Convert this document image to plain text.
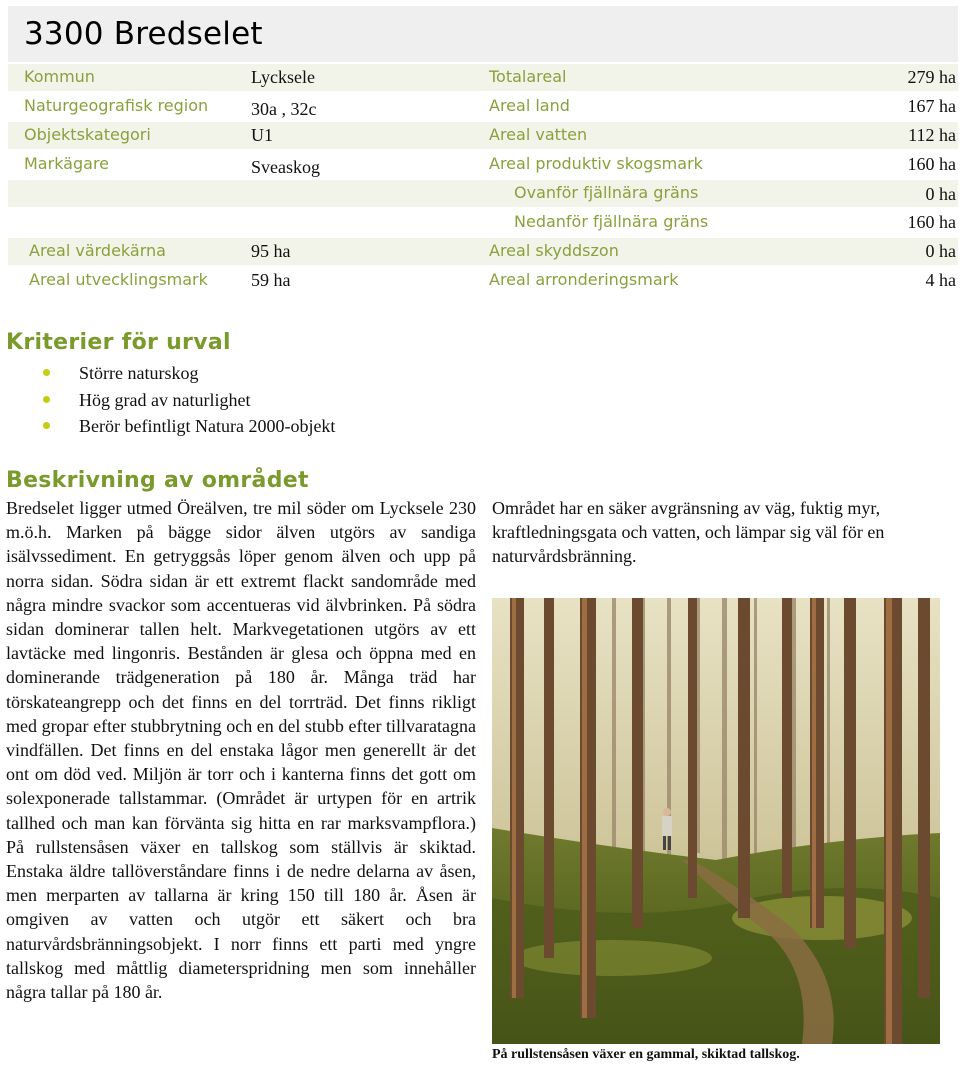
3300 Bredselet
Kommun	Lycksele	Totalareal	279 ha
Naturgeografisk region 30a , 32c	Areal land	167 ha
Objektskategori	U1	Areal vatten	112 ha
Markägare	Sveaskog	Areal produktiv skogsmark	160 ha
Ovanför fjällnära gräns	0 ha
Nedanför fjällnära gräns	160 ha
Areal värdekärna	95 ha	Areal skyddszon	0 ha
Areal utvecklingsmark 59 ha	Areal arronderingsmark	4 ha
Kriterier för urval
Större naturskog
Hög grad av naturlighet
Berör befintligt Natura 2000-objekt
Beskrivning av området

Bredselet ligger utmed Öreälven, tre mil söder om Lycksele 230 m.ö.h. Marken på bägge sidor älven utgörs av sandiga isälvssediment. En getryggsås löper genom älven och upp på norra sidan. Södra sidan är ett extremt flackt sandområde med några mindre svackor som accentueras vid älvbrinken. På södra sidan dominerar tallen helt. Markvegetationen utgörs av ett lavtäcke med lingonris. Bestånden är glesa och öppna med en dominerande trädgeneration på 180 år. Många träd har törskateangrepp och det finns en del torrträd. Det finns rikligt med gropar efter stubbrytning och en del stubb efter tillvaratagna vindfällen. Det finns en del enstaka lågor men generellt är det ont om död ved. Miljön är torr och i kanterna finns det gott om solexponerade tallstammar. (Området är urtypen för en artrik tallhed och man kan förvänta sig hitta en rar marksvampflora.) På rullstensåsen växer en tallskog som ställvis är skiktad. Enstaka äldre tallöverståndare finns i de nedre delarna av åsen, men merparten av tallarna är kring 150 till 180 år. Åsen är omgiven av vatten och utgör ett säkert och bra naturvårdsbränningsobjekt. I norr finns ett parti med yngre tallskog med måttlig diameterspridning men som innehåller några tallar på 180 år.

Området har en säker avgränsning av väg, fuktig myr, kraftledningsgata och vatten, och lämpar sig väl för en naturvårdsbränning.

På rullstensåsen växer en gammal, skiktad tallskog.
